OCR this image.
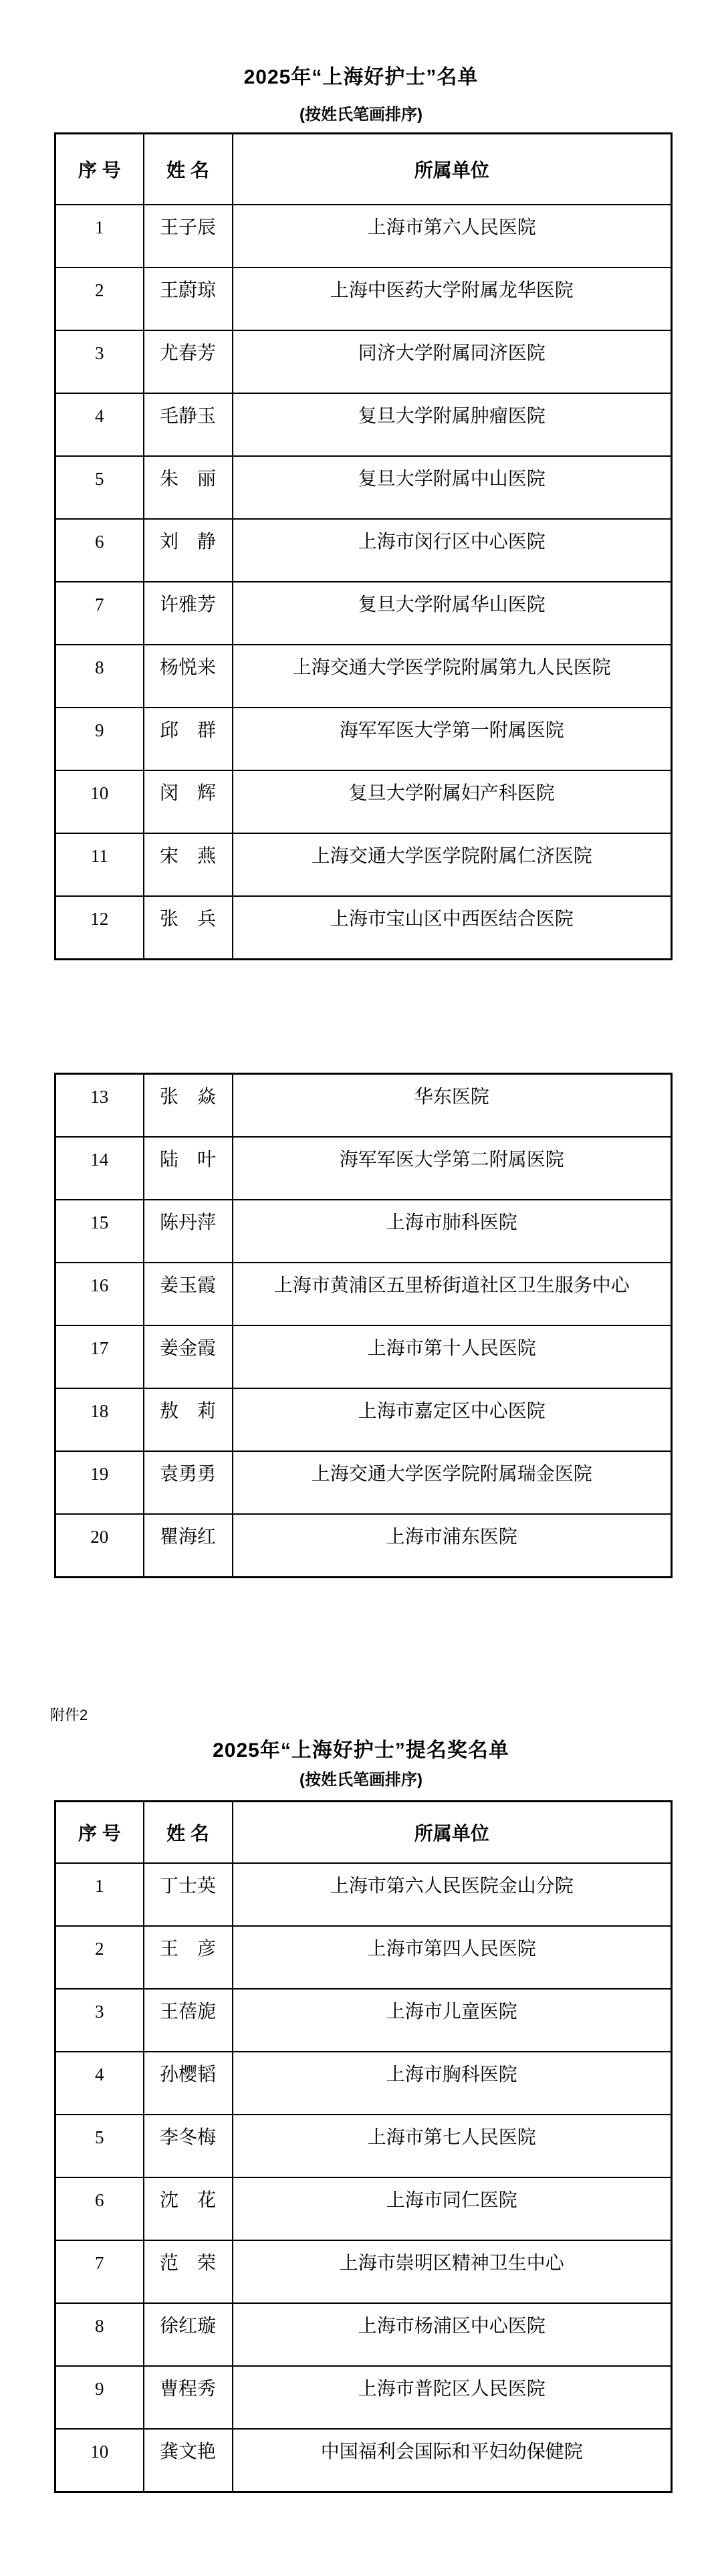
2025年“上海好护士”名单
(按姓氏笔画排序)
序 号	姓 名	所属单位
1	王子辰	上海市第六人民医院
2	王蔚琼	上海中医药大学附属龙华医院
3	尤春芳	同济大学附属同济医院
4	毛静玉	复旦大学附属肿瘤医院
5	朱　丽	复旦大学附属中山医院
6	刘　静	上海市闵行区中心医院
7	许雅芳	复旦大学附属华山医院
8	杨悦来	上海交通大学医学院附属第九人民医院
9	邱　群	海军军医大学第一附属医院
10	闵　辉	复旦大学附属妇产科医院
11	宋　燕	上海交通大学医学院附属仁济医院
12	张　兵	上海市宝山区中西医结合医院
13	张　焱	华东医院
14	陆　叶	海军军医大学第二附属医院
15	陈丹萍	上海市肺科医院
16	姜玉霞	上海市黄浦区五里桥街道社区卫生服务中心
17	姜金霞	上海市第十人民医院
18	敖　莉	上海市嘉定区中心医院
19	袁勇勇	上海交通大学医学院附属瑞金医院
20	瞿海红	上海市浦东医院
附件2
2025年“上海好护士”提名奖名单
(按姓氏笔画排序)
序 号	姓 名	所属单位
1	丁士英	上海市第六人民医院金山分院
2	王　彦	上海市第四人民医院
3	王蓓旎	上海市儿童医院
4	孙樱韬	上海市胸科医院
5	李冬梅	上海市第七人民医院
6	沈　花	上海市同仁医院
7	范　荣	上海市崇明区精神卫生中心
8	徐红璇	上海市杨浦区中心医院
9	曹程秀	上海市普陀区人民医院
10	龚文艳	中国福利会国际和平妇幼保健院
